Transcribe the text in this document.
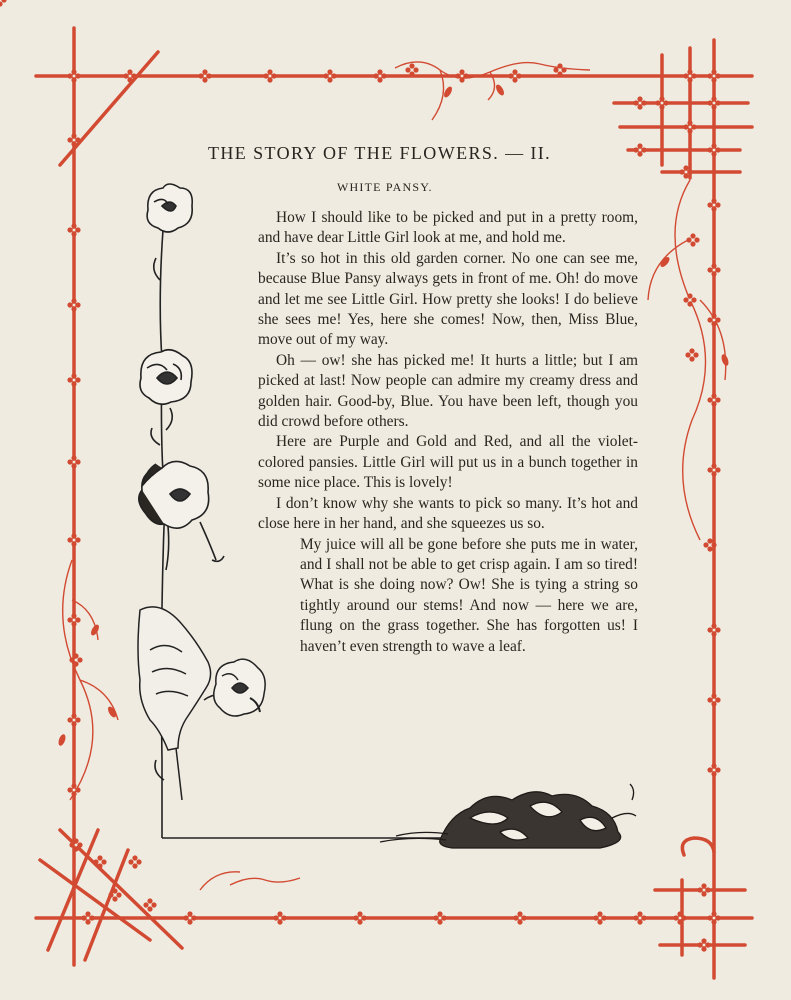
THE STORY OF THE FLOWERS. — II.
WHITE PANSY.

How I should like to be picked and put in a pretty room, and have dear Little Girl look at me, and hold me.

It’s so hot in this old garden corner. No one can see me, because Blue Pansy always gets in front of me. Oh! do move and let me see Little Girl. How pretty she looks! I do believe she sees me! Yes, here she comes! Now, then, Miss Blue, move out of my way.

Oh — ow! she has picked me! It hurts a little; but I am picked at last! Now people can admire my creamy dress and golden hair. Good-by, Blue. You have been left, though you did crowd before others.

Here are Purple and Gold and Red, and all the violet-colored pansies. Little Girl will put us in a bunch together in some nice place. This is lovely!

I don’t know why she wants to pick so many. It’s hot and close here in her hand, and she squeezes us so.

My juice will all be gone before she puts me in water, and I shall not be able to get crisp again. I am so tired! What is she doing now? Ow! She is tying a string so tightly around our stems! And now — here we are, flung on the grass together. She has forgotten us! I haven’t even strength to wave a leaf.
